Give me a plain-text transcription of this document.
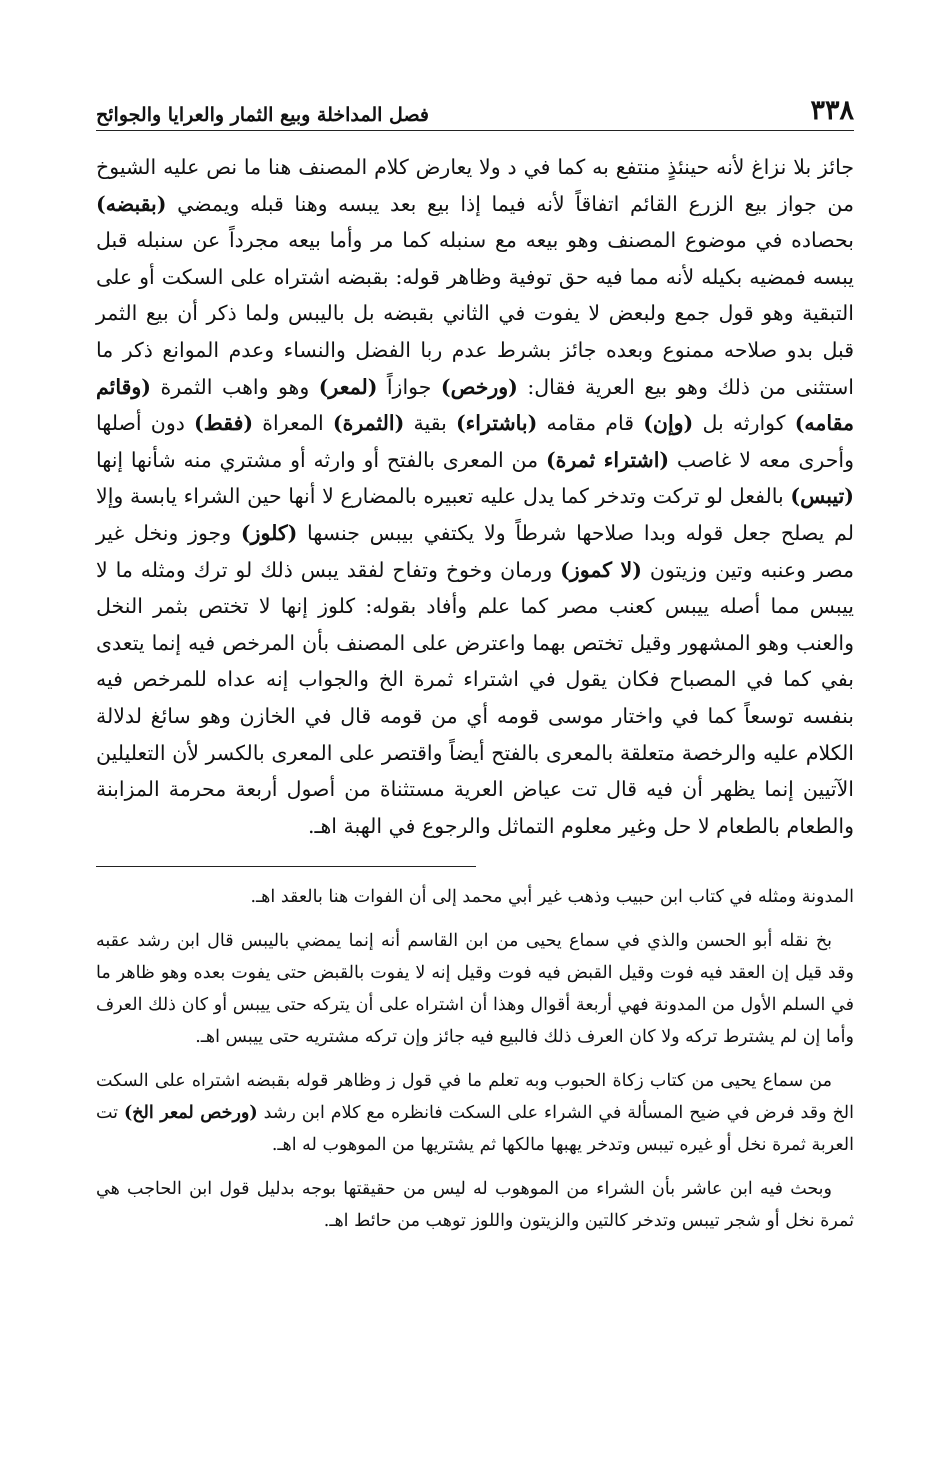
٣٣٨
فصل المداخلة وبيع الثمار والعرايا والجوائح

جائز بلا نزاغ لأنه حينئذٍ منتفع به كما في د ولا يعارض كلام المصنف هنا ما نص عليه الشيوخ من جواز بيع الزرع القائم اتفاقاً لأنه فيما إذا بيع بعد يبسه وهنا قبله ويمضي (بقبضه) بحصاده في موضوع المصنف وهو بيعه مع سنبله كما مر وأما بيعه مجرداً عن سنبله قبل يبسه فمضيه بكيله لأنه مما فيه حق توفية وظاهر قوله: بقبضه اشتراه على السكت أو على التبقية وهو قول جمع ولبعض لا يفوت في الثاني بقبضه بل باليبس ولما ذكر أن بيع الثمر قبل بدو صلاحه ممنوع وبعده جائز بشرط عدم ربا الفضل والنساء وعدم الموانع ذكر ما استثنى من ذلك وهو بيع العرية فقال: (ورخص) جوازاً (لمعر) وهو واهب الثمرة (وقائم مقامه) كوارثه بل (وإن) قام مقامه (باشتراء) بقية (الثمرة) المعراة (فقط) دون أصلها وأحرى معه لا غاصب (اشتراء ثمرة) من المعرى بالفتح أو وارثه أو مشتري منه شأنها إنها (تيبس) بالفعل لو تركت وتدخر كما يدل عليه تعبيره بالمضارع لا أنها حين الشراء يابسة وإلا لم يصلح جعل قوله وبدا صلاحها شرطاً ولا يكتفي بيبس جنسها (كلوز) وجوز ونخل غير مصر وعنبه وتين وزيتون (لا كموز) ورمان وخوخ وتفاح لفقد يبس ذلك لو ترك ومثله ما لا ييبس مما أصله ييبس كعنب مصر كما علم وأفاد بقوله: كلوز إنها لا تختص بثمر النخل والعنب وهو المشهور وقيل تختص بهما واعترض على المصنف بأن المرخص فيه إنما يتعدى بفي كما في المصباح فكان يقول في اشتراء ثمرة الخ والجواب إنه عداه للمرخص فيه بنفسه توسعاً كما في واختار موسى قومه أي من قومه قال في الخازن وهو سائغ لدلالة الكلام عليه والرخصة متعلقة بالمعرى بالفتح أيضاً واقتصر على المعرى بالكسر لأن التعليلين الآتيين إنما يظهر أن فيه قال تت عياض العرية مستثناة من أصول أربعة محرمة المزابنة والطعام بالطعام لا حل وغير معلوم التماثل والرجوع في الهبة اهـ.

المدونة ومثله في كتاب ابن حبيب وذهب غير أبي محمد إلى أن الفوات هنا بالعقد اهـ.

بخ نقله أبو الحسن والذي في سماع يحيى من ابن القاسم أنه إنما يمضي باليبس قال ابن رشد عقبه وقد قيل إن العقد فيه فوت وقيل القبض فيه فوت وقيل إنه لا يفوت بالقبض حتى يفوت بعده وهو ظاهر ما في السلم الأول من المدونة فهي أربعة أقوال وهذا أن اشتراه على أن يتركه حتى ييبس أو كان ذلك العرف وأما إن لم يشترط تركه ولا كان العرف ذلك فالبيع فيه جائز وإن تركه مشتريه حتى ييبس اهـ.

من سماع يحيى من كتاب زكاة الحبوب وبه تعلم ما في قول ز وظاهر قوله بقبضه اشتراه على السكت الخ وقد فرض في ضيح المسألة في الشراء على السكت فانظره مع كلام ابن رشد (ورخص لمعر الخ) تت العربة ثمرة نخل أو غيره تيبس وتدخر يهبها مالكها ثم يشتريها من الموهوب له اهـ.

وبحث فيه ابن عاشر بأن الشراء من الموهوب له ليس من حقيقتها بوجه بدليل قول ابن الحاجب هي ثمرة نخل أو شجر تيبس وتدخر كالتين والزيتون واللوز توهب من حائط اهـ.
